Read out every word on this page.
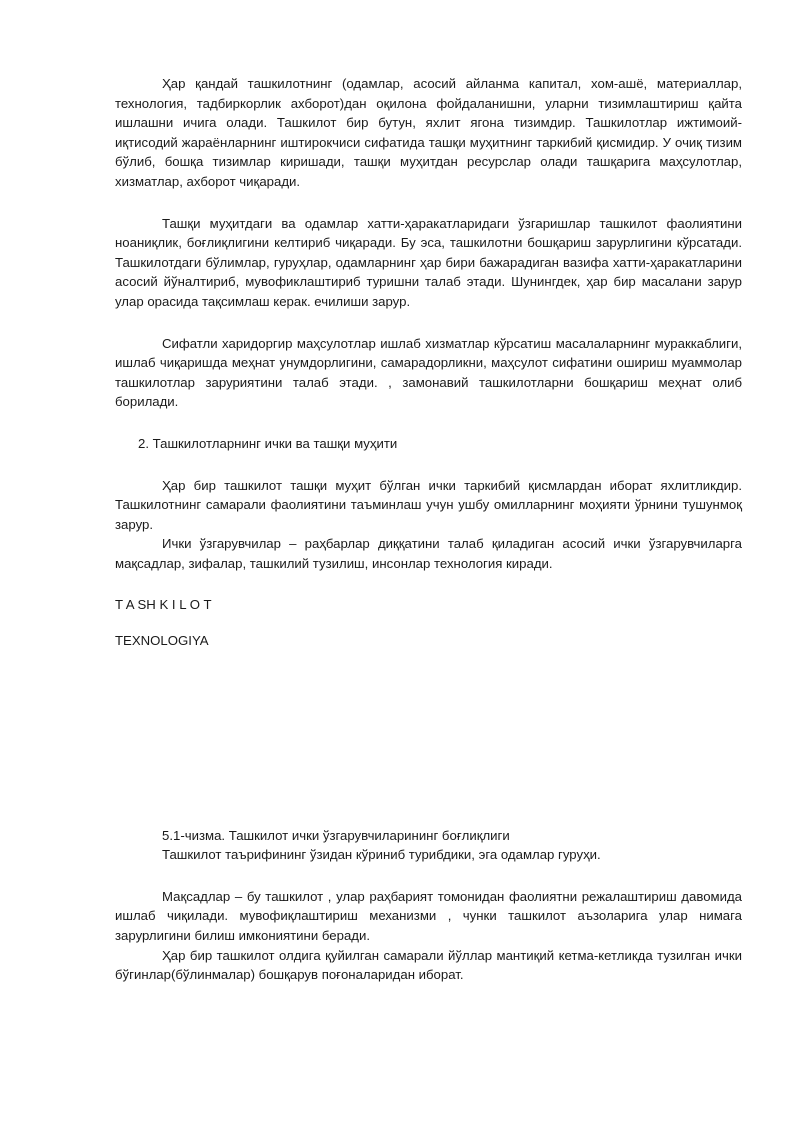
Ҳар қандай ташкилотнинг (одамлар, асосий айланма капитал, хом-ашё, материаллар, технология, тадбиркорлик ахборот)дан оқилона фойдаланишни, уларни тизимлаштириш қайта ишлашни ичига олади. Ташкилот бир бутун, яхлит ягона тизимдир. Ташкилотлар ижтимоий-иқтисодий жараёнларнинг иштирокчиси сифатида ташқи муҳитнинг таркибий қисмидир. У очиқ тизим бўлиб, бошқа тизимлар киришади, ташқи муҳитдан ресурслар олади ташқарига маҳсулотлар, хизматлар, ахборот чиқаради.

Ташқи муҳитдаги ва одамлар хатти-ҳаракатларидаги ўзгаришлар ташкилот фаолиятини ноаниқлик, боғлиқлигини келтириб чиқаради. Бу эса, ташкилотни бошқариш зарурлигини кўрсатади. Ташкилотдаги бўлимлар, гуруҳлар, одамларнинг ҳар бири бажарадиган вазифа хатти-ҳаракатларини асосий йўналтириб, мувофиклаштириб туришни талаб этади. Шунингдек, ҳар бир масалани зарур улар орасида тақсимлаш керак. ечилиши зарур.

Сифатли харидоргир маҳсулотлар ишлаб хизматлар кўрсатиш масалаларнинг мураккаблиги, ишлаб чиқаришда меҳнат унумдорлигини, самарадорликни, маҳсулот сифатини ошириш муаммолар ташкилотлар заруриятини талаб этади. , замонавий ташкилотларни бошқариш меҳнат олиб борилади.

2. Ташкилотларнинг ички ва ташқи муҳити

Ҳар бир ташкилот ташқи муҳит бўлган ички таркибий қисмлардан иборат яхлитликдир. Ташкилотнинг самарали фаолиятини таъминлаш учун ушбу омилларнинг моҳияти ўрнини тушунмоқ зарур.

Ички ўзгарувчилар – раҳбарлар диққатини талаб қиладиган асосий ички ўзгарувчиларга мақсадлар, зифалар, ташкилий тузилиш, инсонлар технология киради.

T A SH K I L O T
TEXNOLOGIYA
5.1-чизма. Ташкилот ички ўзгарувчиларининг боғлиқлиги
Ташкилот таърифининг ўзидан кўриниб турибдики, эга одамлар гуруҳи.

Мақсадлар – бу ташкилот , улар раҳбарият томонидан фаолиятни режалаштириш давомида ишлаб чиқилади. мувофиқлаштириш механизми , чунки ташкилот аъзоларига улар нимага зарурлигини билиш имкониятини беради.

Ҳар бир ташкилот олдига қуйилган самарали йўллар мантиқий кетма-кетликда тузилган ички бўгинлар(бўлинмалар) бошқарув поғоналаридан иборат.
